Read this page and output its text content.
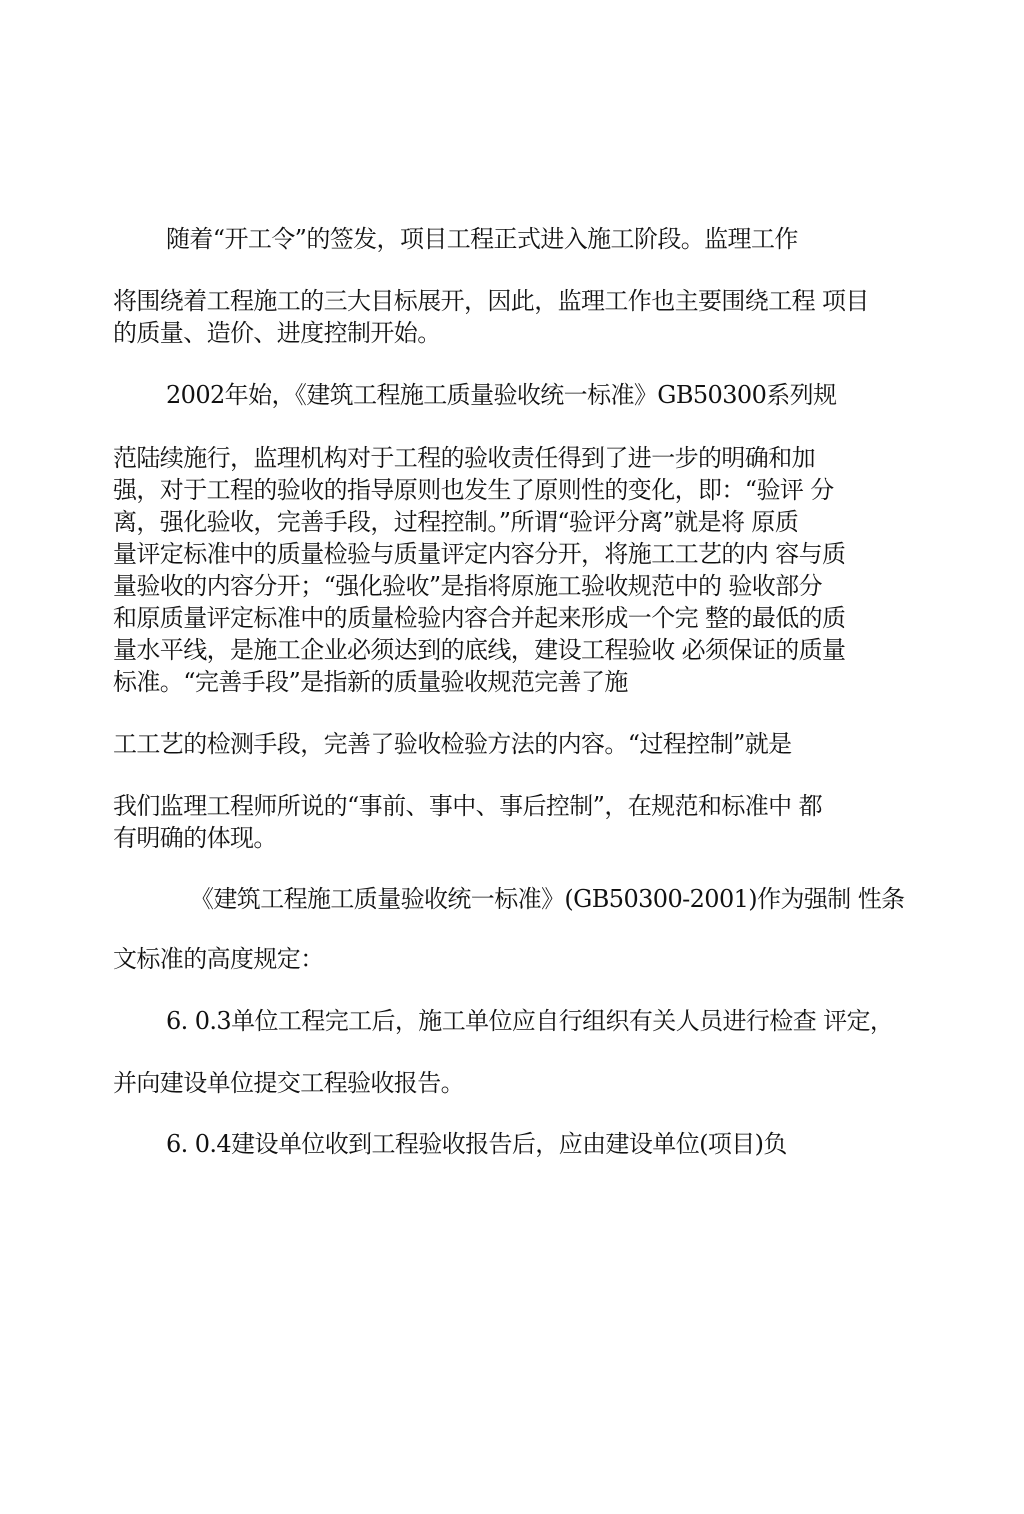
随着“开工令”的签发，项目工程正式进入施工阶段。监理工作
将围绕着工程施工的三大目标展开，因此，监理工作也主要围绕工程 项目
的质量、造价、进度控制开始。
2002年始，《建筑工程施工质量验收统一标准》GB50300系列规
范陆续施行，监理机构对于工程的验收责任得到了进一步的明确和加
强，对于工程的验收的指导原则也发生了原则性的变化，即：“验评 分
离，强化验收，完善手段，过程控制。”所谓“验评分离”就是将 原质
量评定标准中的质量检验与质量评定内容分开，将施工工艺的内 容与质
量验收的内容分开；“强化验收”是指将原施工验收规范中的 验收部分
和原质量评定标准中的质量检验内容合并起来形成一个完 整的最低的质
量水平线，是施工企业必须达到的底线，建设工程验收 必须保证的质量
标准。“完善手段”是指新的质量验收规范完善了施
工工艺的检测手段，完善了验收检验方法的内容。“过程控制”就是
我们监理工程师所说的“事前、事中、事后控制”，在规范和标准中 都
有明确的体现。
《建筑工程施工质量验收统一标准》(GB50300-2001)作为强制 性条
文标准的高度规定：
6. 0.3单位工程完工后，施工单位应自行组织有关人员进行检查 评定，
并向建设单位提交工程验收报告。
6. 0.4建设单位收到工程验收报告后，应由建设单位(项目)负
